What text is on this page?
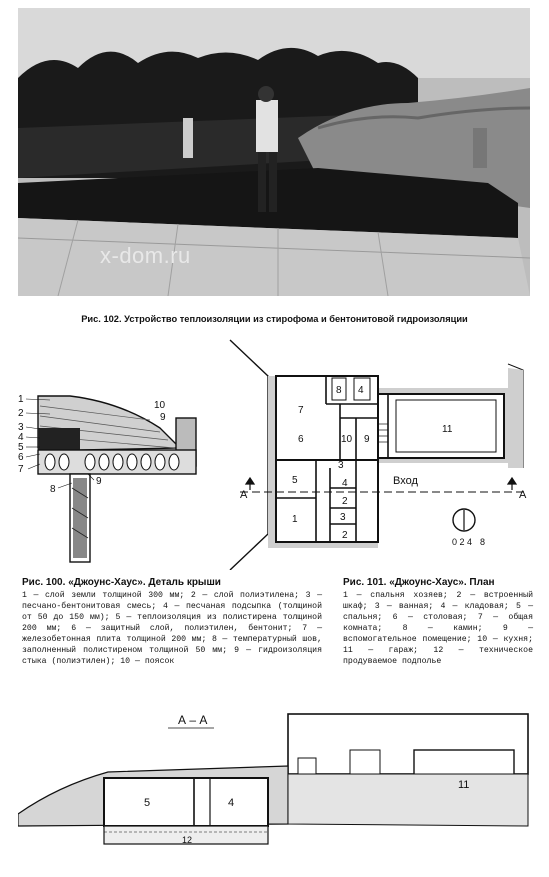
x-dom.ru
Рис. 102. Устройство теплоизоляции из стирофома и бентонитовой гидроизоляции
1
2
3
4
5
6
7
8
9
10
9
7
6
8 4
10 9
11
5
3
4
1
2
2
3
Вход
А	А
0 2 4 8
Рис. 100. «Джоунс-Хаус». Деталь крыши
1 — слой земли толщиной 300 мм; 2 — слой полиэтилена; 3 — песчано-бентонитовая смесь; 4 — песчаная подсыпка (толщиной от 50 до 150 мм); 5 — теплоизоляция из полистирена толщиной 200 мм; 6 — защитный слой, полиэтилен, бентонит; 7 — железобетонная плита толщиной 200 мм; 8 — температурный шов, заполненный полистиреном толщиной 50 мм; 9 — гидроизоляция стыка (полиэтилен); 10 — поясок
Рис. 101. «Джоунс-Хаус». План
1 — спальня хозяев; 2 — встроенный шкаф; 3 — ванная; 4 — кладовая; 5 — спальня; 6 — столовая; 7 — общая комната; 8 — камин; 9 — вспомогательное помещение; 10 — кухня; 11 — гараж; 12 — техническое продуваемое подполье
А – А
5	4
11
12
